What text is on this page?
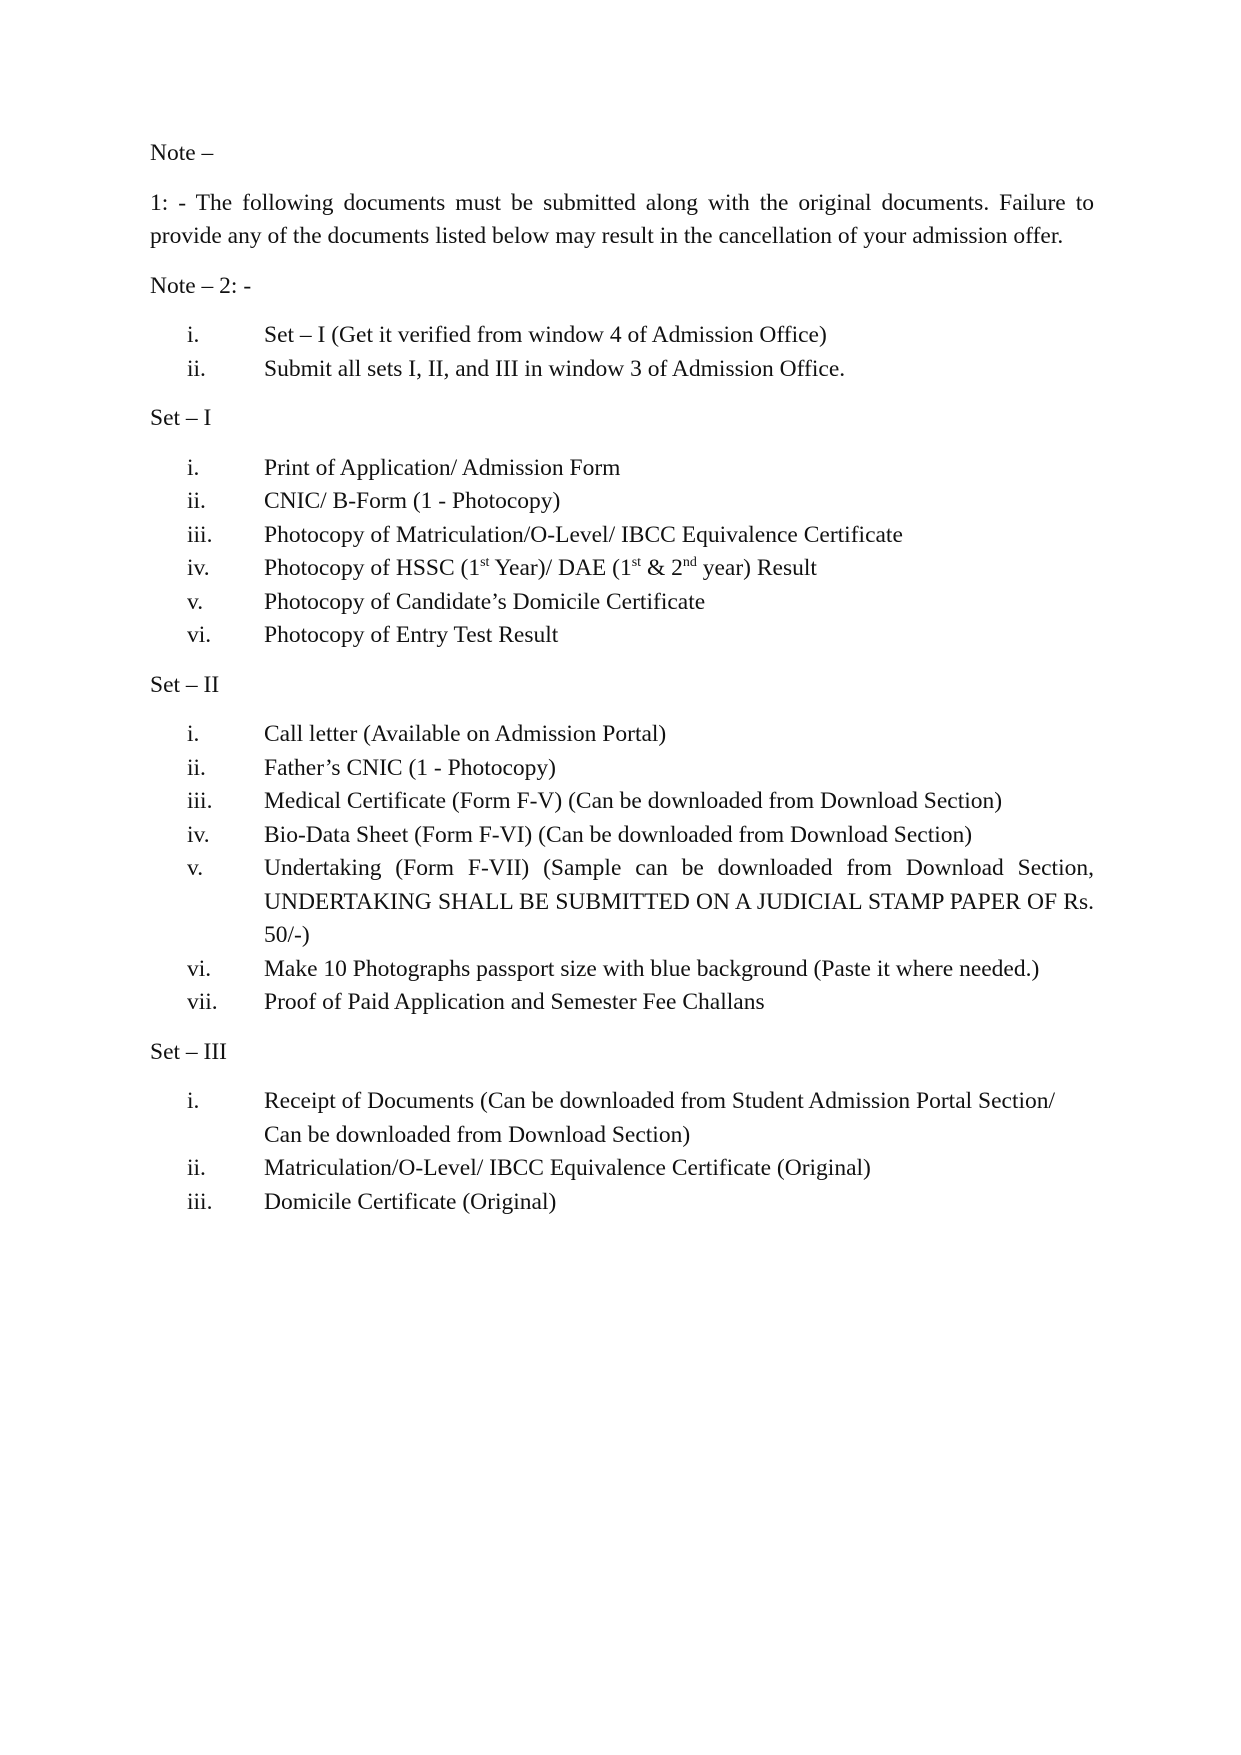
Note –

1: - The following documents must be submitted along with the original documents. Failure to provide any of the documents listed below may result in the cancellation of your admission offer.

Note – 2: -

i.	Set – I (Get it verified from window 4 of Admission Office)
ii. Submit all sets I, II, and III in window 3 of Admission Office.

Set – I

i.	Print of Application/ Admission Form
ii. CNIC/ B-Form (1 - Photocopy)
iii. Photocopy of Matriculation/O-Level/ IBCC Equivalence Certificate
iv. Photocopy of HSSC (1st Year)/ DAE (1st & 2nd year) Result
v.	Photocopy of Candidate’s Domicile Certificate
vi. Photocopy of Entry Test Result

Set – II

i.	Call letter (Available on Admission Portal)
ii. Father’s CNIC (1 - Photocopy)
iii. Medical Certificate (Form F-V) (Can be downloaded from Download Section)
iv. Bio-Data Sheet (Form F-VI) (Can be downloaded from Download Section)
v.	Undertaking (Form F-VII) (Sample can be downloaded from Download Section, UNDERTAKING SHALL BE SUBMITTED ON A JUDICIAL STAMP PAPER OF Rs. 50/-)
vi. Make 10 Photographs passport size with blue background (Paste it where needed.)
vii. Proof of Paid Application and Semester Fee Challans

Set – III

i.	Receipt of Documents (Can be downloaded from Student Admission Portal Section/ Can be downloaded from Download Section)
ii. Matriculation/O-Level/ IBCC Equivalence Certificate (Original)
iii. Domicile Certificate (Original)
